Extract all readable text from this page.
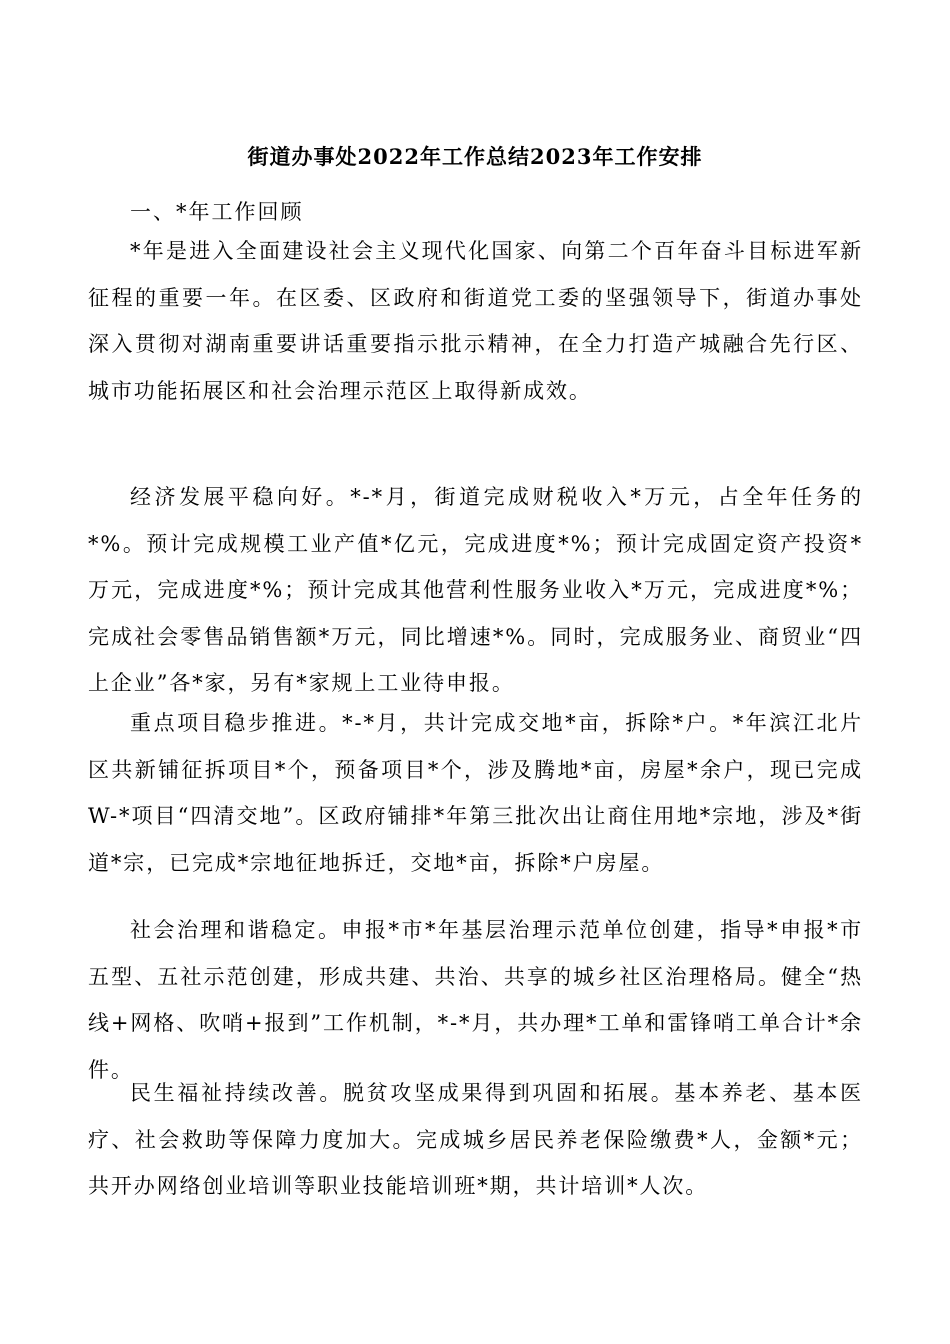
街道办事处2022年工作总结2023年工作安排
一、*年工作回顾

*年是进入全面建设社会主义现代化国家、向第二个百年奋斗目标进军新征程的重要一年。在区委、区政府和街道党工委的坚强领导下，街道办事处深入贯彻对湖南重要讲话重要指示批示精神，在全力打造产城融合先行区、城市功能拓展区和社会治理示范区上取得新成效。

经济发展平稳向好。*-*月，街道完成财税收入*万元，占全年任务的*%。预计完成规模工业产值*亿元，完成进度*%；预计完成固定资产投资*万元，完成进度*%；预计完成其他营利性服务业收入*万元，完成进度*%；完成社会零售品销售额*万元，同比增速*%。同时，完成服务业、商贸业“四上企业”各*家，另有*家规上工业待申报。

重点项目稳步推进。*-*月，共计完成交地*亩，拆除*户。*年滨江北片区共新铺征拆项目*个，预备项目*个，涉及腾地*亩，房屋*余户，现已完成W-*项目“四清交地”。区政府铺排*年第三批次出让商住用地*宗地，涉及*街道*宗，已完成*宗地征地拆迁，交地*亩，拆除*户房屋。

社会治理和谐稳定。申报*市*年基层治理示范单位创建，指导*申报*市五型、五社示范创建，形成共建、共治、共享的城乡社区治理格局。健全“热线+网格、吹哨+报到”工作机制，*-*月，共办理*工单和雷锋哨工单合计*余件。

民生福祉持续改善。脱贫攻坚成果得到巩固和拓展。基本养老、基本医疗、社会救助等保障力度加大。完成城乡居民养老保险缴费*人，金额*元；共开办网络创业培训等职业技能培训班*期，共计培训*人次。
